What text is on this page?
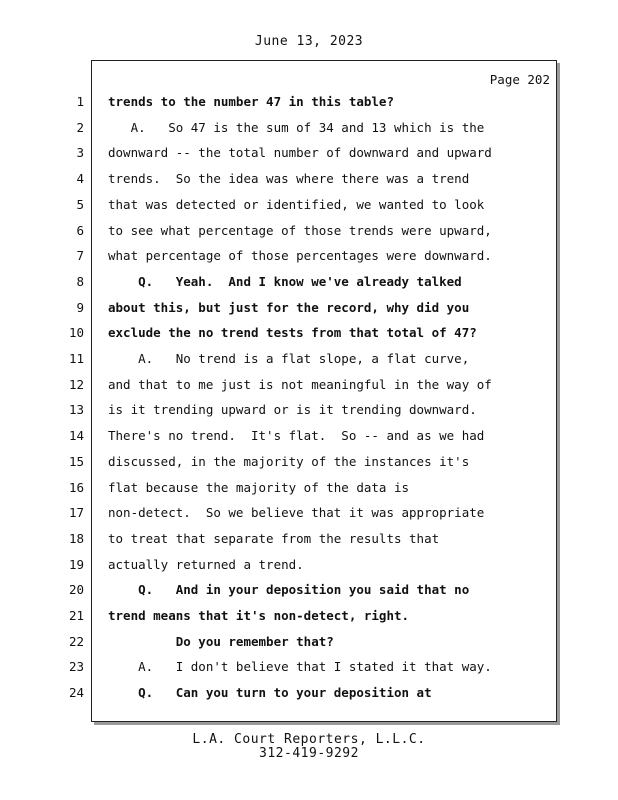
June 13, 2023
Page 202
1 trends to the number 47 in this table?
2 A.   So 47 is the sum of 34 and 13 which is the
3 downward -- the total number of downward and upward
4 trends.  So the idea was where there was a trend
5 that was detected or identified, we wanted to look
6 to see what percentage of those trends were upward,
7 what percentage of those percentages were downward.
8 Q.   Yeah.  And I know we've already talked
9 about this, but just for the record, why did you
10 exclude the no trend tests from that total of 47?
11 A.   No trend is a flat slope, a flat curve,
12 and that to me just is not meaningful in the way of
13 is it trending upward or is it trending downward.
14 There's no trend.  It's flat.  So -- and as we had
15 discussed, in the majority of the instances it's
16 flat because the majority of the data is
17 non-detect.  So we believe that it was appropriate
18 to treat that separate from the results that
19 actually returned a trend.
20 Q.   And in your deposition you said that no
21 trend means that it's non-detect, right.
22 Do you remember that?
23 A.   I don't believe that I stated it that way.
24 Q.   Can you turn to your deposition at
L.A. Court Reporters, L.L.C.
312-419-9292
